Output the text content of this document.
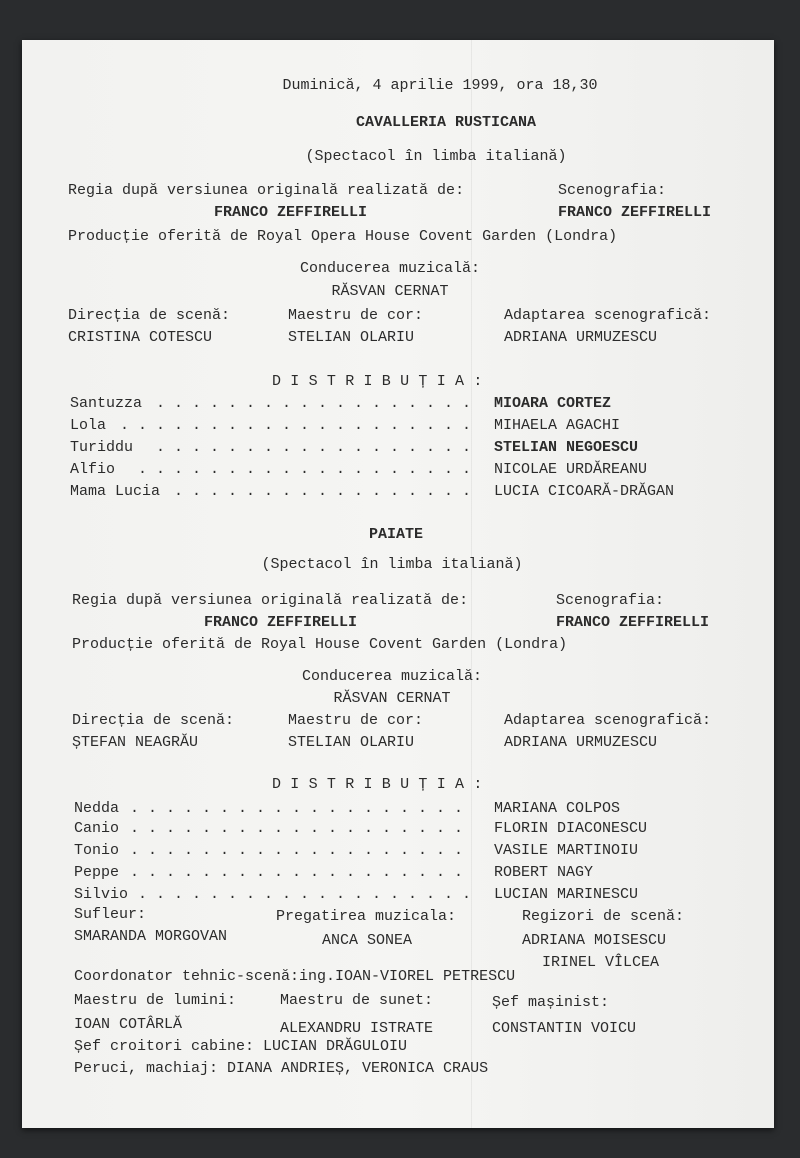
Duminică, 4 aprilie 1999, ora 18,30
CAVALLERIA RUSTICANA
(Spectacol în limba italiană)
Regia după versiunea originală realizată de:	Scenografia:
FRANCO ZEFFIRELLI	FRANCO ZEFFIRELLI
Producție oferită de Royal Opera House Covent Garden (Londra)
Conducerea muzicală:
RĂSVAN CERNAT
Direcția de scenă:	Maestru de cor:	Adaptarea scenografică:
CRISTINA COTESCU	STELIAN OLARIU	ADRIANA URMUZESCU
DISTRIBUȚIA:
Santuzza . . . . . . . . . . . . . . . . . . MIOARA CORTEZ
Lola . . . . . . . . . . . . . . . . . . . . MIHAELA AGACHI
Turiddu . . . . . . . . . . . . . . . . . . STELIAN NEGOESCU
Alfio . . . . . . . . . . . . . . . . . . . NICOLAE URDĂREANU
Mama Lucia . . . . . . . . . . . . . . . . . LUCIA CICOARĂ-DRĂGAN
PAIATE
(Spectacol în limba italiană)
Regia după versiunea originală realizată de:	Scenografia:
FRANCO ZEFFIRELLI	FRANCO ZEFFIRELLI
Producție oferită de Royal House Covent Garden (Londra)
Conducerea muzicală:
RĂSVAN CERNAT
Direcția de scenă:	Maestru de cor:	Adaptarea scenografică:
ȘTEFAN NEAGRĂU	STELIAN OLARIU	ADRIANA URMUZESCU
DISTRIBUȚIA:
Nedda . . . . . . . . . . . . . . . . . . . MARIANA COLPOS
Canio . . . . . . . . . . . . . . . . . . . FLORIN DIACONESCU
Tonio . . . . . . . . . . . . . . . . . . . VASILE MARTINOIU
Peppe . . . . . . . . . . . . . . . . . . . ROBERT NAGY
Silvio . . . . . . . . . . . . . . . . . . . LUCIAN MARINESCU
Sufleur:	Pregatirea muzicala:	Regizori de scenă:
SMARANDA MORGOVAN	ANCA SONEA	ADRIANA MOISESCU
IRINEL VÎLCEA
Coordonator tehnic-scenă:ing.IOAN-VIOREL PETRESCU
Maestru de lumini:	Maestru de sunet:	Șef mașinist:
IOAN COTÂRLĂ	ALEXANDRU ISTRATE	CONSTANTIN VOICU
Șef croitori cabine: LUCIAN DRĂGULOIU
Peruci, machiaj: DIANA ANDRIEȘ, VERONICA CRAUS
